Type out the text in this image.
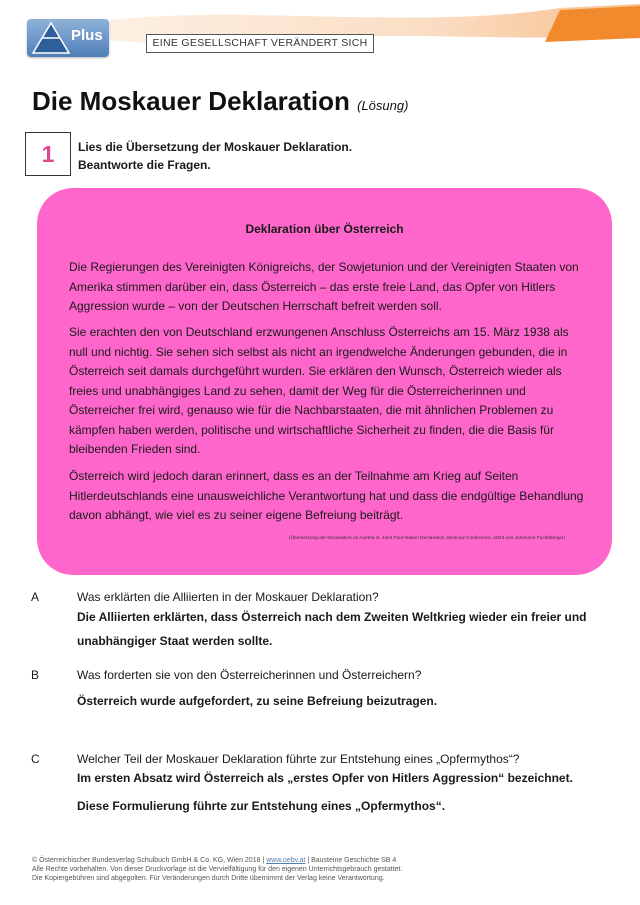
Plus	EINE GESELLSCHAFT VERÄNDERT SICH
Die Moskauer Deklaration (Lösung)
1	Lies die Übersetzung der Moskauer Deklaration.
Beantworte die Fragen.
Deklaration über Österreich

Die Regierungen des Vereinigten Königreichs, der Sowjetunion und der Vereinigten Staaten von Amerika stimmen darüber ein, dass Österreich – das erste freie Land, das Opfer von Hitlers Aggression wurde – von der Deutschen Herrschaft befreit werden soll.

Sie erachten den von Deutschland erzwungenen Anschluss Österreichs am 15. März 1938 als null und nichtig. Sie sehen sich selbst als nicht an irgendwelche Änderungen gebunden, die in Österreich seit damals durchgeführt wurden. Sie erklären den Wunsch, Österreich wieder als freies und unabhängiges Land zu sehen, damit der Weg für die Österreicherinnen und Österreicher frei wird, genauso wie für die Nachbarstaaten, die mit ähnlichen Problemen zu kämpfen haben werden, politische und wirtschaftliche Sicherheit zu finden, die die Basis für bleibenden Frieden sind.

Österreich wird jedoch daran erinnert, dass es an der Teilnahme am Krieg auf Seiten Hitlerdeutschlands eine unausweichliche Verantwortung hat und dass die endgültige Behandlung davon abhängt, wie viel es zu seiner eigene Befreiung beiträgt.

(Übersetzung der Declaration on Austria in: Joint Four-Nation Declaration, Moscow Conference, 1943 von Johannes Fuchsberger)
A	Was erklärten die Alliierten in der Moskauer Deklaration?
Die Alliierten erklärten, dass Österreich nach dem Zweiten Weltkrieg wieder ein freier und unabhängiger Staat werden sollte.
B	Was forderten sie von den Österreicherinnen und Österreichern?
Österreich wurde aufgefordert, zu seine Befreiung beizutragen.
C	Welcher Teil der Moskauer Deklaration führte zur Entstehung eines „Opfermythos“?
Im ersten Absatz wird Österreich als „erstes Opfer von Hitlers Aggression“ bezeichnet.
Diese Formulierung führte zur Entstehung eines „Opfermythos“.
© Österreichischer Bundesverlag Schulbuch GmbH & Co. KG, Wien 2018 | www.oebv.at | Bausteine Geschichte SB 4
Alle Rechte vorbehalten. Von dieser Druckvorlage ist die Vervielfältigung für den eigenen Unterrichtsgebrauch gestattet.
Die Kopiergebühren sind abgegolten. Für Veränderungen durch Dritte übernimmt der Verlag keine Verantwortung.
